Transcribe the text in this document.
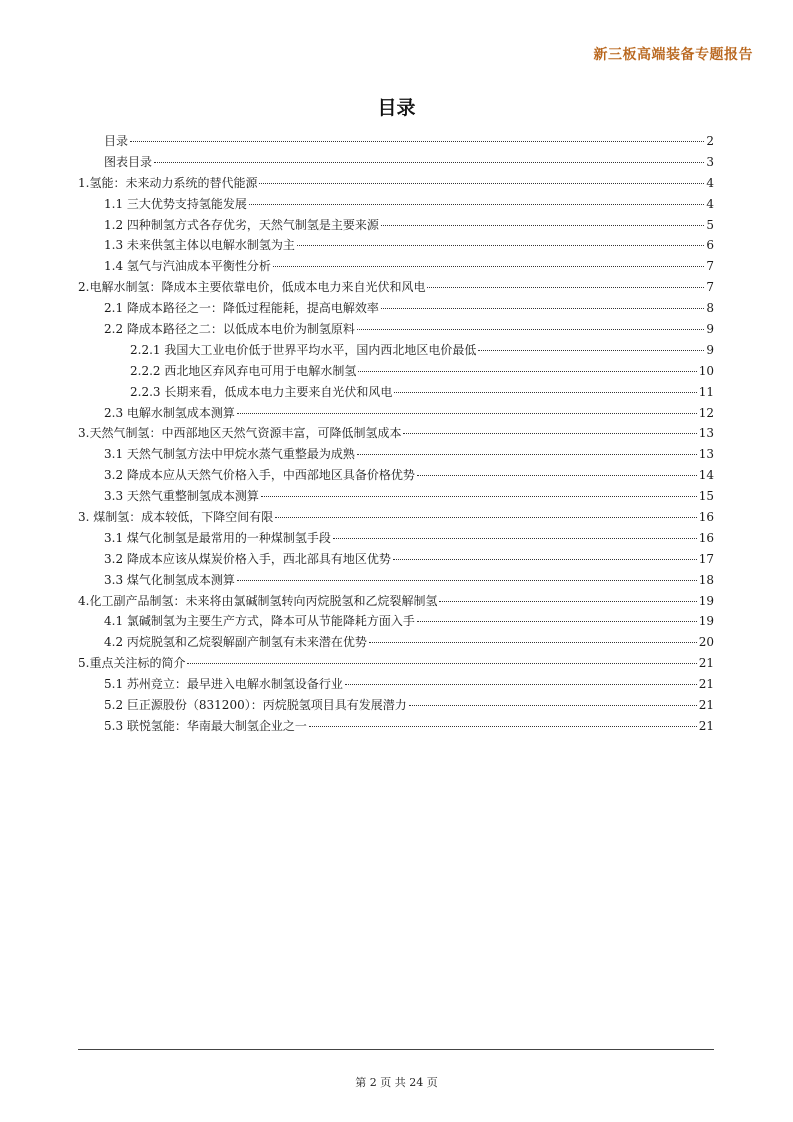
新三板高端装备专题报告
目录
目录	2
图表目录	3
1.氢能：未来动力系统的替代能源	4
1.1 三大优势支持氢能发展	4
1.2 四种制氢方式各存优劣，天然气制氢是主要来源	5
1.3 未来供氢主体以电解水制氢为主	6
1.4 氢气与汽油成本平衡性分析	7
2.电解水制氢：降成本主要依靠电价，低成本电力来自光伏和风电	7
2.1 降成本路径之一：降低过程能耗，提高电解效率	8
2.2 降成本路径之二：以低成本电价为制氢原料	9
2.2.1 我国大工业电价低于世界平均水平，国内西北地区电价最低	9
2.2.2 西北地区弃风弃电可用于电解水制氢	10
2.2.3 长期来看，低成本电力主要来自光伏和风电	11
2.3 电解水制氢成本测算	12
3.天然气制氢：中西部地区天然气资源丰富，可降低制氢成本	13
3.1 天然气制氢方法中甲烷水蒸气重整最为成熟	13
3.2 降成本应从天然气价格入手，中西部地区具备价格优势	14
3.3 天然气重整制氢成本测算	15
3. 煤制氢：成本较低，下降空间有限	16
3.1 煤气化制氢是最常用的一种煤制氢手段	16
3.2 降成本应该从煤炭价格入手，西北部具有地区优势	17
3.3 煤气化制氢成本测算	18
4.化工副产品制氢：未来将由氯碱制氢转向丙烷脱氢和乙烷裂解制氢	19
4.1 氯碱制氢为主要生产方式，降本可从节能降耗方面入手	19
4.2 丙烷脱氢和乙烷裂解副产制氢有未来潜在优势	20
5.重点关注标的简介	21
5.1 苏州竞立：最早进入电解水制氢设备行业	21
5.2 巨正源股份（831200）：丙烷脱氢项目具有发展潜力	21
5.3 联悦氢能：华南最大制氢企业之一	21
第 2 页 共 24 页
